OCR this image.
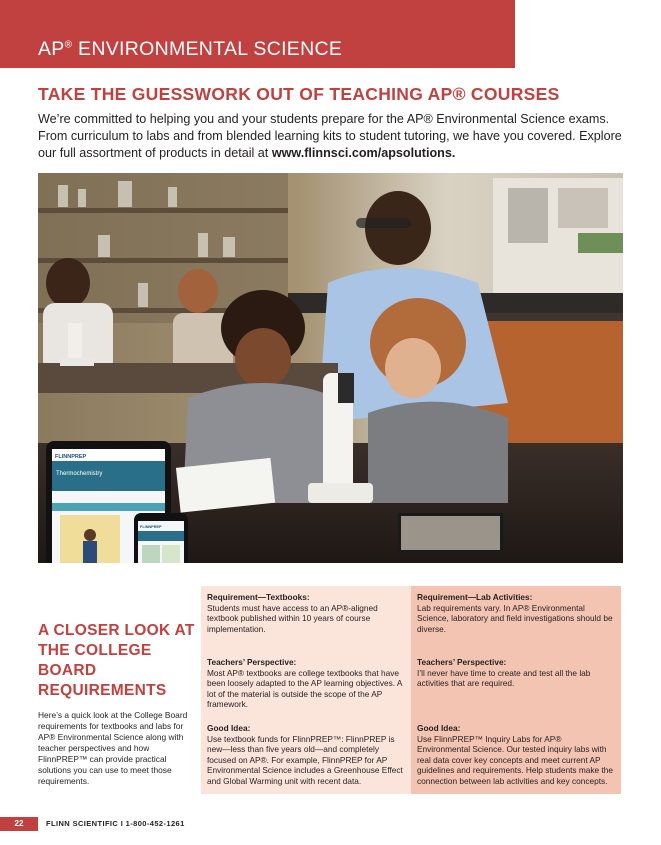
AP® ENVIRONMENTAL SCIENCE
TAKE THE GUESSWORK OUT OF TEACHING AP® COURSES
We’re committed to helping you and your students prepare for the AP® Environmental Science exams. From curriculum to labs and from blended learning kits to student tutoring, we have you covered. Explore our full assortment of products in detail at www.flinnsci.com/apsolutions.
FLINNPREP
Thermochemistry
FLINNPREP
A CLOSER LOOK AT THE COLLEGE BOARD REQUIREMENTS
Here’s a quick look at the College Board requirements for textbooks and labs for AP® Environmental Science along with teacher perspectives and how FlinnPREP™ can provide practical solutions you can use to meet those requirements.
Requirement—Textbooks:
Students must have access to an AP®-aligned textbook published within 10 years of course implementation.
Teachers’ Perspective:
Most AP® textbooks are college textbooks that have been loosely adapted to the AP learning objectives. A lot of the material is outside the scope of the AP framework.
Good Idea:
Use textbook funds for FlinnPREP™: FlinnPREP is new—less than five years old—and completely focused on AP®. For example, FlinnPREP for AP Environmental Science includes a Greenhouse Effect and Global Warming unit with recent data.
Requirement—Lab Activities:
Lab requirements vary. In AP® Environmental Science, laboratory and field investigations should be diverse.
Teachers’ Perspective:
I’ll never have time to create and test all the lab activities that are required.
Good Idea:
Use FlinnPREP™ Inquiry Labs for AP® Environmental Science. Our tested inquiry labs with real data cover key concepts and meet current AP guidelines and requirements. Help students make the connection between lab activities and key concepts.
22	FLINN SCIENTIFIC I 1-800-452-1261
